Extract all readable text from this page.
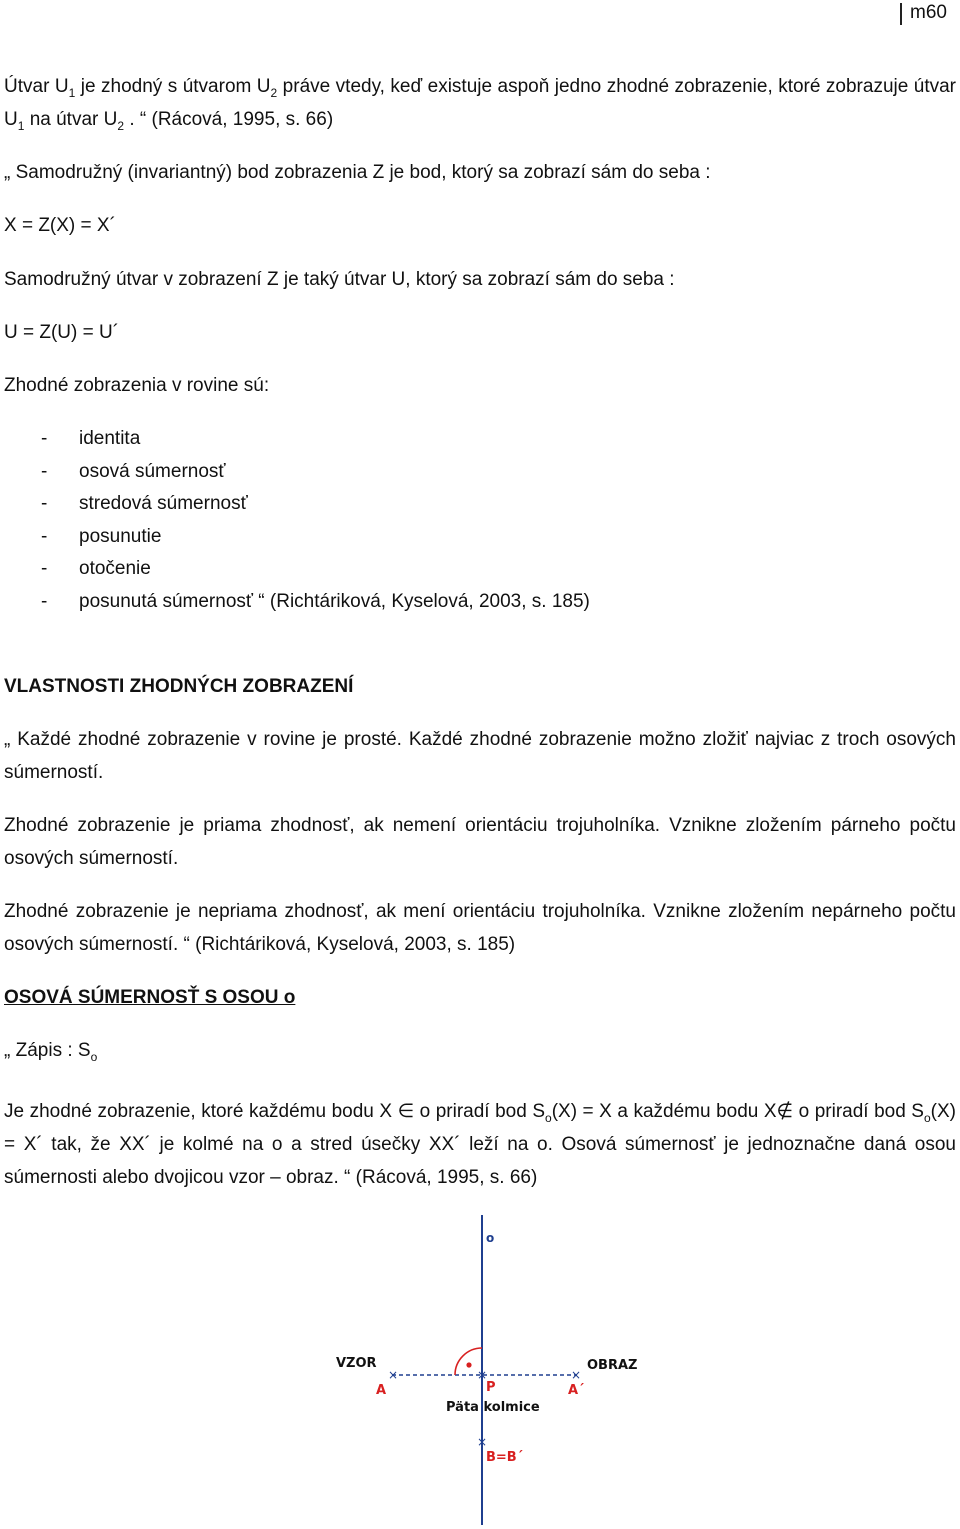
m60

Útvar $U_1$ je zhodný s útvarom $U_2$ práve vtedy, keď existuje aspoň jedno zhodné zobrazenie, ktoré zobrazuje útvar $U_1$ na útvar $U_2$ . “ (Rácová, 1995, s. 66)

„ Samodružný (invariantný) bod zobrazenia Z je bod, ktorý sa zobrazí sám do seba :

X = Z(X) = X´

Samodružný útvar v zobrazení Z je taký útvar U, ktorý sa zobrazí sám do seba :

U = Z(U) = U´

Zhodné zobrazenia v rovine sú:

- identita
- osová súmernosť
- stredová súmernosť
- posunutie
- otočenie
- posunutá súmernosť “ (Richtáriková, Kyselová, 2003, s. 185)

VLASTNOSTI ZHODNÝCH ZOBRAZENÍ

„ Každé zhodné zobrazenie v rovine je prosté. Každé zhodné zobrazenie možno zložiť najviac z troch osových súmerností.

Zhodné zobrazenie je priama zhodnosť, ak nemení orientáciu trojuholníka. Vznikne zložením párneho počtu osových súmerností.

Zhodné zobrazenie je nepriama zhodnosť, ak mení orientáciu trojuholníka. Vznikne zložením nepárneho počtu osových súmerností. “ (Richtáriková, Kyselová, 2003, s. 185)

OSOVÁ SÚMERNOSŤ S OSOU o

„ Zápis : $S_o$

Je zhodné zobrazenie, ktoré každému bodu X ∈ o priradí bod $S_o(X) = X$ a každému bodu X∉ o priradí bod $S_o(X)$ = X´ tak, že XX´ je kolmé na o a stred úsečky XX´ leží na o. Osová súmernosť je jednoznačne daná osou súmernosti alebo dvojicou vzor – obraz. “ (Rácová, 1995, s. 66)

o
VZOR	OBRAZ
×	×
×
A	A´
P
Päta kolmice
×
B=B´
